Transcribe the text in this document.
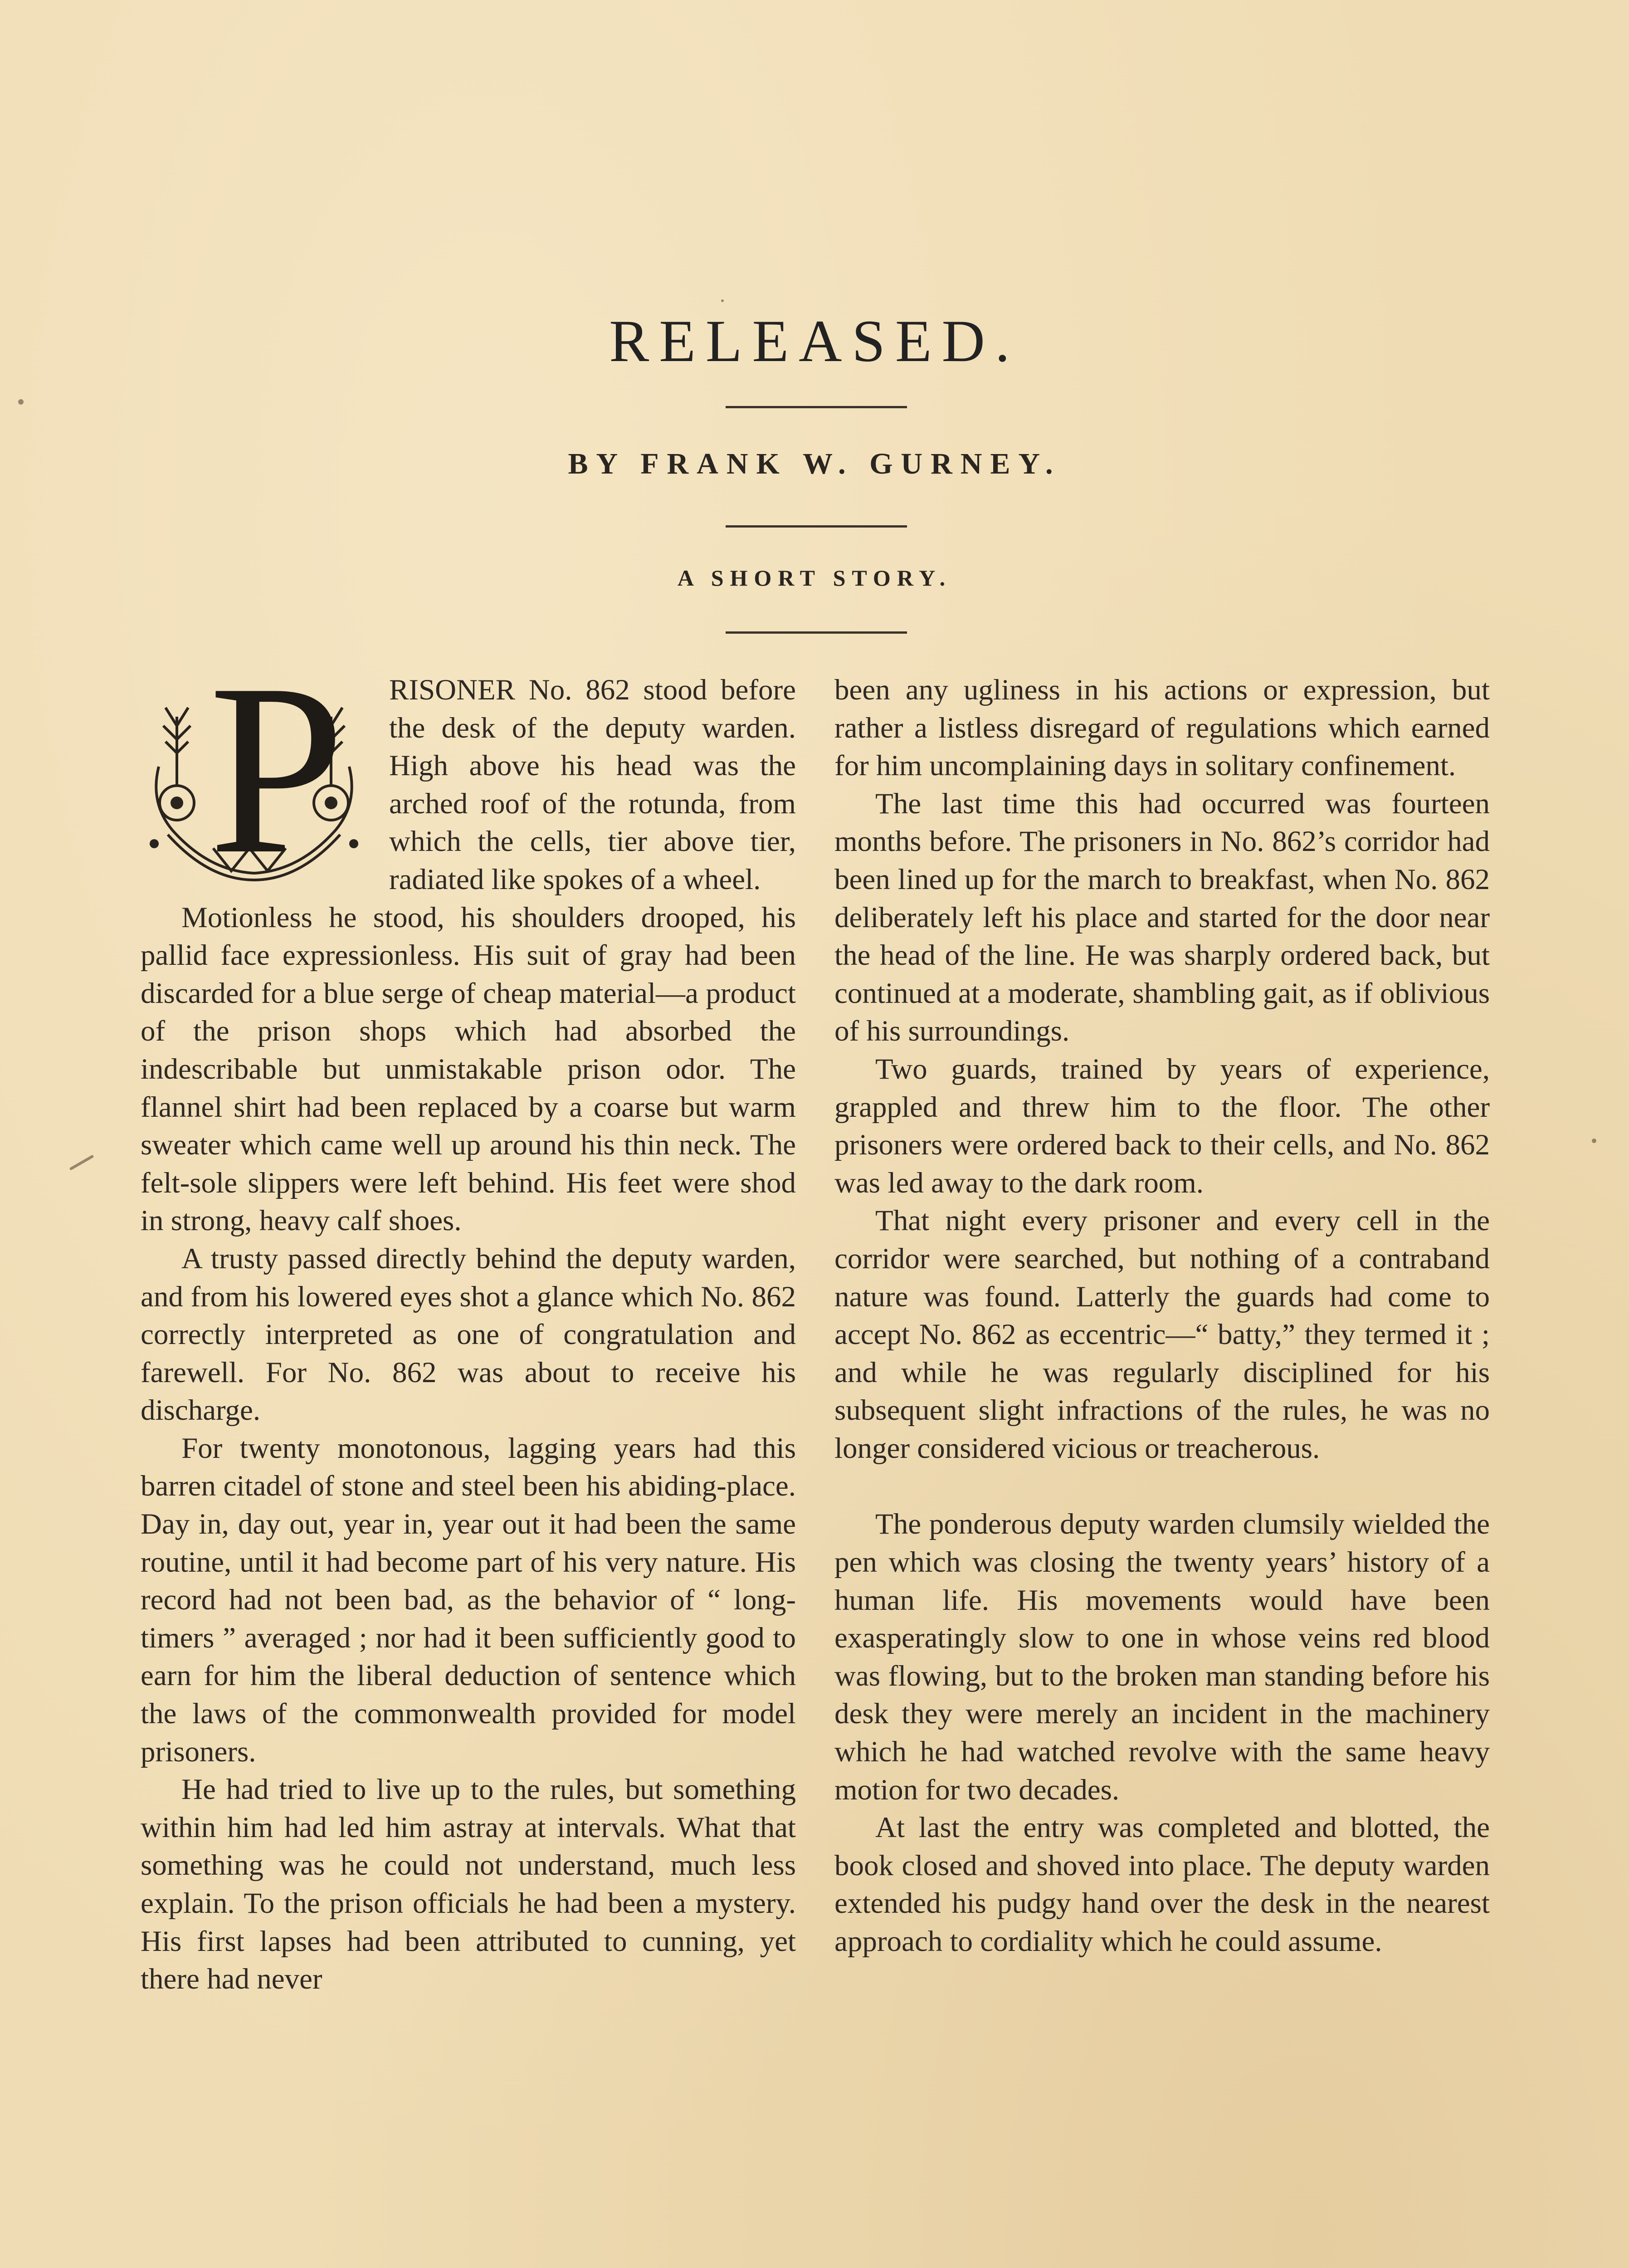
RELEASED.
BY FRANK W. GURNEY.
A SHORT STORY.
P	RISONER No. 862 stood before the desk of the deputy warden. High above his head was the arched roof of the rotunda, from which the cells, tier above tier, radiated like spokes of a wheel.

Motionless he stood, his shoulders drooped, his pallid face expressionless. His suit of gray had been discarded for a blue serge of cheap material—a product of the prison shops which had absorbed the indescribable but unmistakable prison odor. The flannel shirt had been replaced by a coarse but warm sweater which came well up around his thin neck. The felt-sole slippers were left behind. His feet were shod in strong, heavy calf shoes.

A trusty passed directly behind the deputy warden, and from his lowered eyes shot a glance which No. 862 correctly interpreted as one of congratulation and farewell. For No. 862 was about to receive his discharge.

For twenty monotonous, lagging years had this barren citadel of stone and steel been his abiding-place. Day in, day out, year in, year out it had been the same routine, until it had become part of his very nature. His record had not been bad, as the behavior of “ long-timers ” averaged ; nor had it been sufficiently good to earn for him the liberal deduction of sentence which the laws of the commonwealth provided for model prisoners.

He had tried to live up to the rules, but something within him had led him astray at intervals. What that something was he could not understand, much less explain. To the prison officials he had been a mystery. His first lapses had been attributed to cunning, yet there had never

been any ugliness in his actions or expression, but rather a listless disregard of regulations which earned for him uncomplaining days in solitary confinement.

The last time this had occurred was fourteen months before. The prisoners in No. 862’s corridor had been lined up for the march to breakfast, when No. 862 deliberately left his place and started for the door near the head of the line. He was sharply ordered back, but continued at a moderate, shambling gait, as if oblivious of his surroundings.

Two guards, trained by years of experience, grappled and threw him to the floor. The other prisoners were ordered back to their cells, and No. 862 was led away to the dark room.

That night every prisoner and every cell in the corridor were searched, but nothing of a contraband nature was found. Latterly the guards had come to accept No. 862 as eccentric—“ batty,” they termed it ; and while he was regularly disciplined for his subsequent slight infractions of the rules, he was no longer considered vicious or treacherous.

The ponderous deputy warden clumsily wielded the pen which was closing the twenty years’ history of a human life. His movements would have been exasperatingly slow to one in whose veins red blood was flowing, but to the broken man standing before his desk they were merely an incident in the machinery which he had watched revolve with the same heavy motion for two decades.

At last the entry was completed and blotted, the book closed and shoved into place. The deputy warden extended his pudgy hand over the desk in the nearest approach to cordiality which he could assume.
